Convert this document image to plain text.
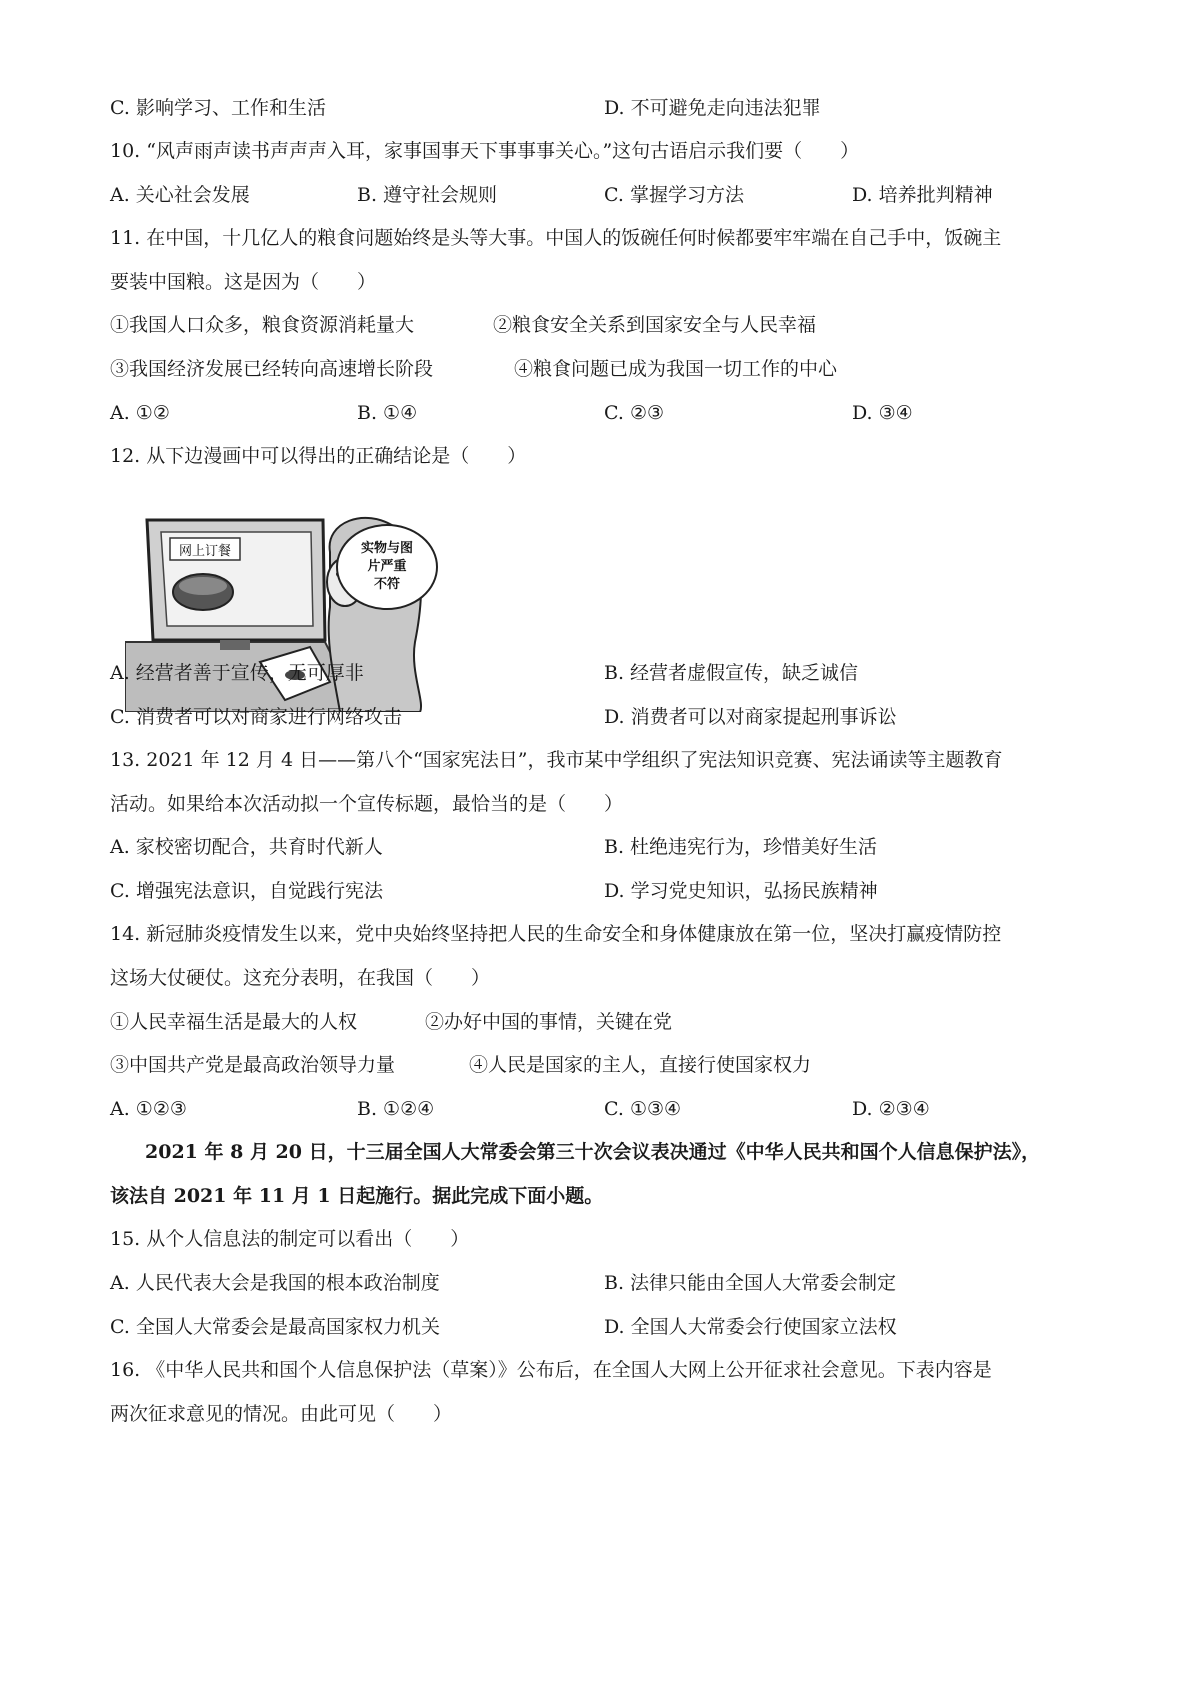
C. 影响学习、工作和生活	D. 不可避免走向违法犯罪
10. “风声雨声读书声声声入耳，家事国事天下事事事关心。”这句古语启示我们要（　　）
A. 关心社会发展	B. 遵守社会规则	C. 掌握学习方法	D. 培养批判精神
11. 在中国，十几亿人的粮食问题始终是头等大事。中国人的饭碗任何时候都要牢牢端在自己手中，饭碗主
要装中国粮。这是因为（　　）
①我国人口众多，粮食资源消耗量大	②粮食安全关系到国家安全与人民幸福
③我国经济发展已经转向高速增长阶段	④粮食问题已成为我国一切工作的中心
A. ①②	B. ①④	C. ②③	D. ③④
12. 从下边漫画中可以得出的正确结论是（　　）
网上订餐	实物与图
片严重
不符
A. 经营者善于宣传，无可厚非	B. 经营者虚假宣传，缺乏诚信
C. 消费者可以对商家进行网络攻击	D. 消费者可以对商家提起刑事诉讼
13. 2021 年 12 月 4 日——第八个“国家宪法日”，我市某中学组织了宪法知识竞赛、宪法诵读等主题教育
活动。如果给本次活动拟一个宣传标题，最恰当的是（　　）
A. 家校密切配合，共育时代新人	B. 杜绝违宪行为，珍惜美好生活
C. 增强宪法意识，自觉践行宪法	D. 学习党史知识，弘扬民族精神
14. 新冠肺炎疫情发生以来，党中央始终坚持把人民的生命安全和身体健康放在第一位，坚决打赢疫情防控
这场大仗硬仗。这充分表明，在我国（　　）
①人民幸福生活是最大的人权	②办好中国的事情，关键在党
③中国共产党是最高政治领导力量	④人民是国家的主人，直接行使国家权力
A. ①②③	B. ①②④	C. ①③④	D. ②③④
2021 年 8 月 20 日，十三届全国人大常委会第三十次会议表决通过《中华人民共和国个人信息保护法》，
该法自 2021 年 11 月 1 日起施行。据此完成下面小题。
15. 从个人信息法的制定可以看出（　　）
A. 人民代表大会是我国的根本政治制度	B. 法律只能由全国人大常委会制定
C. 全国人大常委会是最高国家权力机关	D. 全国人大常委会行使国家立法权
16. 《中华人民共和国个人信息保护法（草案）》公布后，在全国人大网上公开征求社会意见。下表内容是
两次征求意见的情况。由此可见（　　）
